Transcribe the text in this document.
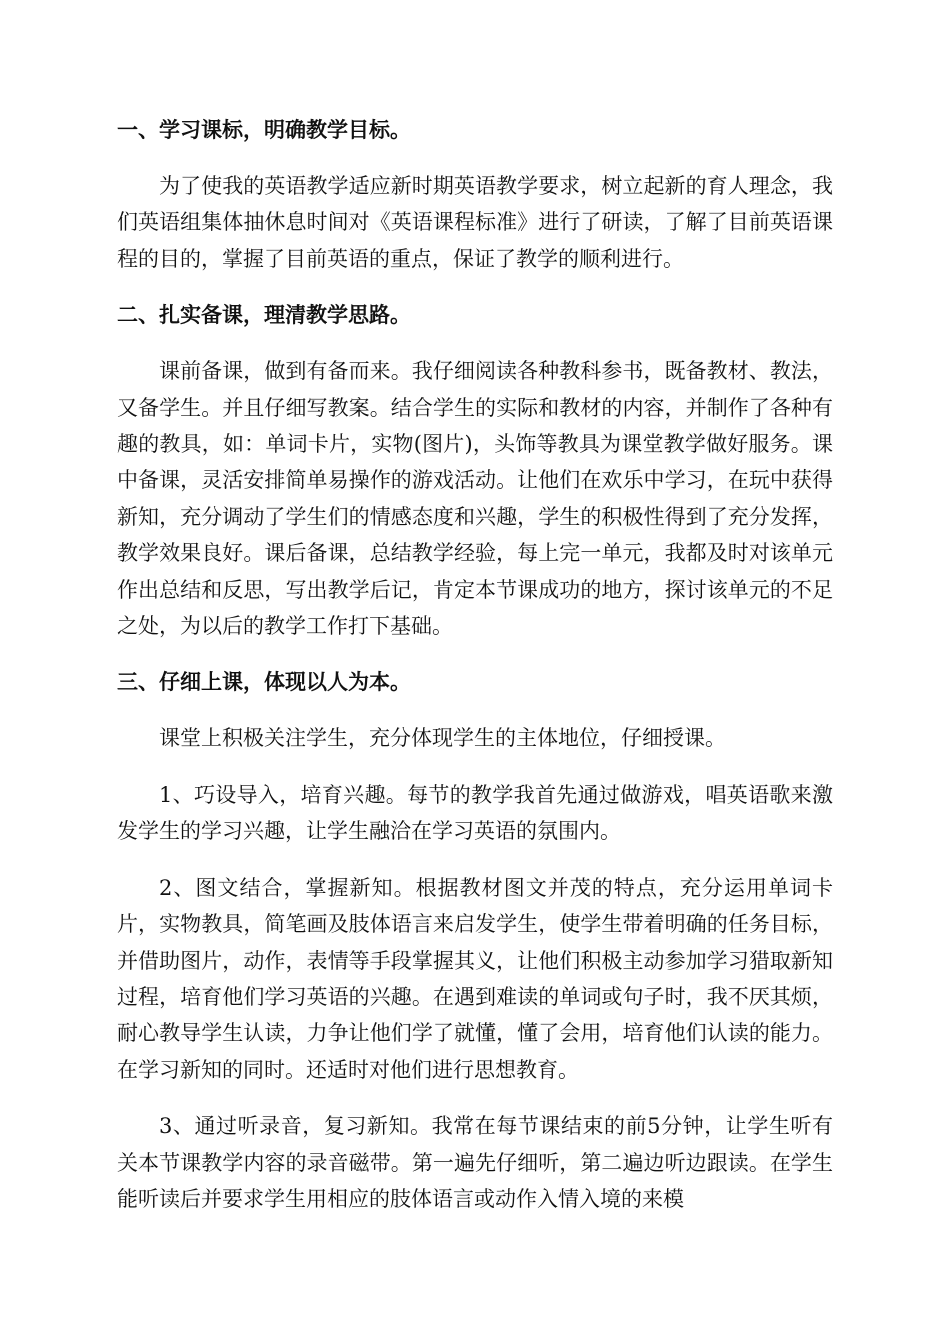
一、学习课标，明确教学目标。

为了使我的英语教学适应新时期英语教学要求，树立起新的育人理念，我们英语组集体抽休息时间对《英语课程标准》进行了研读，了解了目前英语课程的目的，掌握了目前英语的重点，保证了教学的顺利进行。

二、扎实备课，理清教学思路。

课前备课，做到有备而来。我仔细阅读各种教科参书，既备教材、教法，又备学生。并且仔细写教案。结合学生的实际和教材的内容，并制作了各种有趣的教具，如：单词卡片，实物(图片)，头饰等教具为课堂教学做好服务。课中备课，灵活安排简单易操作的游戏活动。让他们在欢乐中学习，在玩中获得新知，充分调动了学生们的情感态度和兴趣，学生的积极性得到了充分发挥，教学效果良好。课后备课，总结教学经验，每上完一单元，我都及时对该单元作出总结和反思，写出教学后记，肯定本节课成功的地方，探讨该单元的不足之处，为以后的教学工作打下基础。

三、仔细上课，体现以人为本。

课堂上积极关注学生，充分体现学生的主体地位，仔细授课。

1、巧设导入，培育兴趣。每节的教学我首先通过做游戏，唱英语歌来激发学生的学习兴趣，让学生融洽在学习英语的氛围内。

2、图文结合，掌握新知。根据教材图文并茂的特点，充分运用单词卡片，实物教具，简笔画及肢体语言来启发学生，使学生带着明确的任务目标，并借助图片，动作，表情等手段掌握其义，让他们积极主动参加学习猎取新知过程，培育他们学习英语的兴趣。在遇到难读的单词或句子时，我不厌其烦，耐心教导学生认读，力争让他们学了就懂，懂了会用，培育他们认读的能力。在学习新知的同时。还适时对他们进行思想教育。

3、通过听录音，复习新知。我常在每节课结束的前5分钟，让学生听有关本节课教学内容的录音磁带。第一遍先仔细听，第二遍边听边跟读。在学生能听读后并要求学生用相应的肢体语言或动作入情入境的来模
